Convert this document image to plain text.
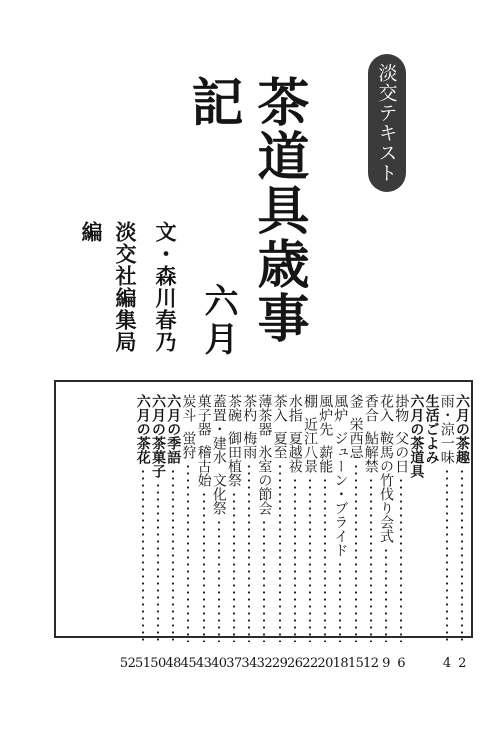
淡交テキスト
茶道具歳事記
六月
文・森川春乃
淡交社編集局編
六月の茶趣
2
雨・涼一味
4
生活ごよみ
六月の茶道具
掛物父の日
6
花入鞍馬の竹伐り会式
9
香合鮎解禁
12
釜栄西忌
15
風炉ジューン・ブライド
18
風炉先薪能
20
棚近江八景
22
水指夏越祓
26
茶入夏至
29
薄茶器氷室の節会
32
茶杓梅雨
34
茶碗御田植祭
37
蓋置・建水文化祭
40
菓子器稽古始
43
炭斗蛍狩
45
六月の季語
48
六月の茶菓子
50
六月の茶花
51
52
